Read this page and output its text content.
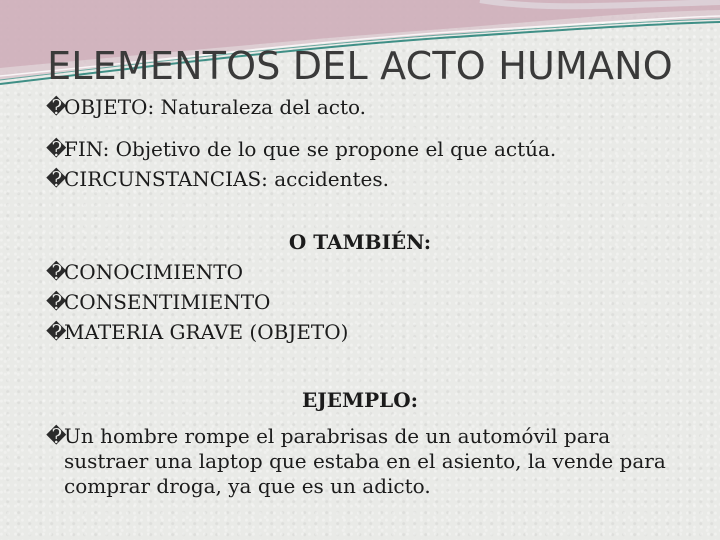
ELEMENTOS DEL ACTO HUMANO
�OBJETO: Naturaleza del acto.
�FIN: Objetivo de lo que se propone el que actúa.
�CIRCUNSTANCIAS: accidentes.
O TAMBIÉN:
�CONOCIMIENTO
�CONSENTIMIENTO
�MATERIA GRAVE (OBJETO)
EJEMPLO:
�
Un hombre rompe el parabrisas de un automóvil para sustraer una laptop que estaba en el asiento, la vende para comprar droga, ya que es un adicto.
